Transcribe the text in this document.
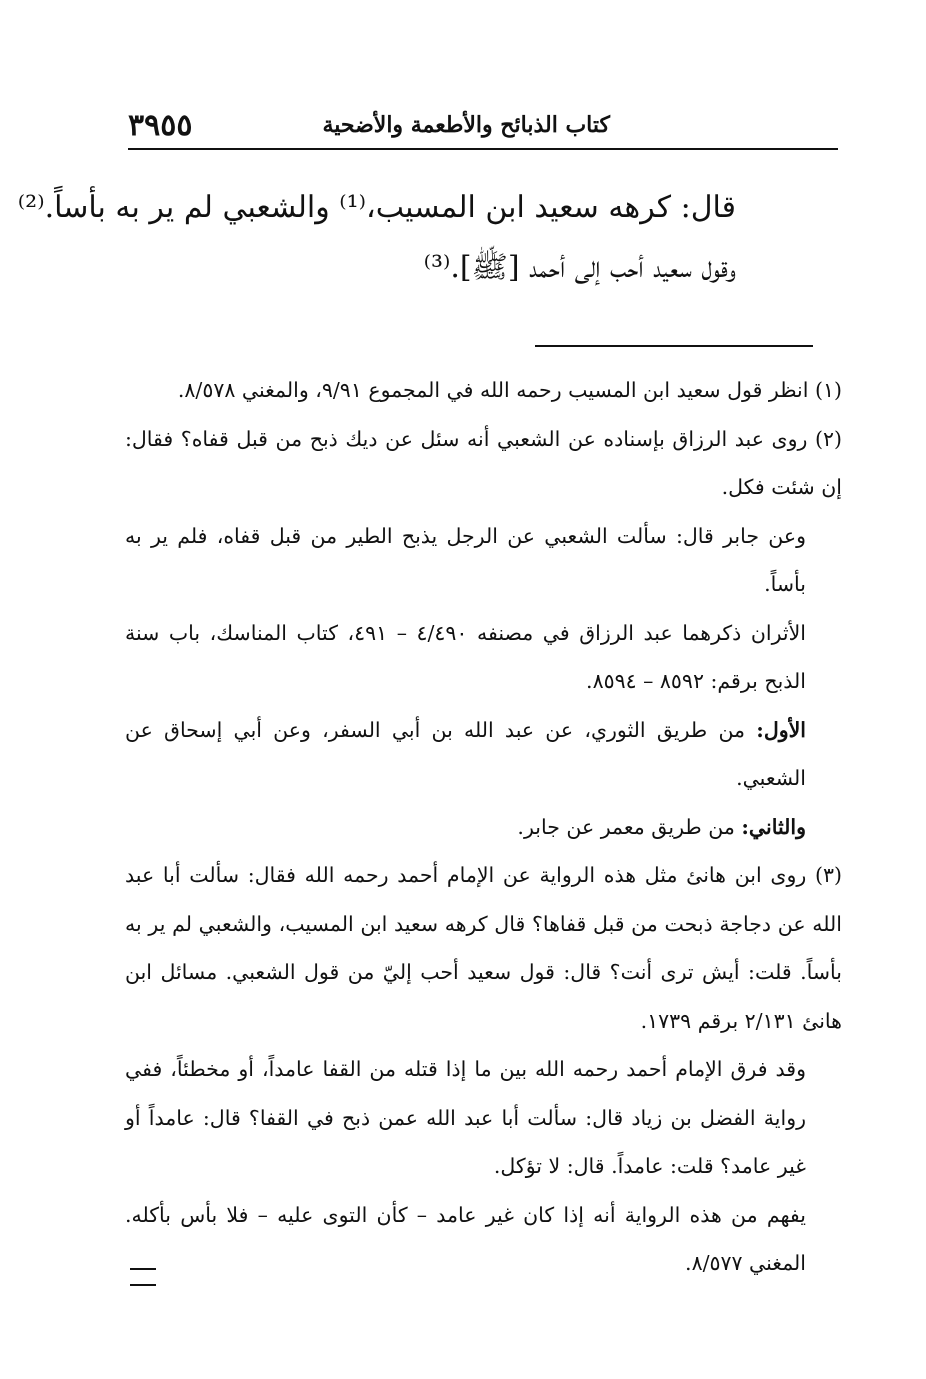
كتاب الذبائح والأطعمة والأضحية
٣٩٥٥

قال: كرهه سعيد ابن المسيب،⁽¹⁾ والشعبي لم ير به بأساً.⁽²⁾

وقول سعيد أحب إلى أحمد [ﷺ].⁽³⁾

(١) انظر قول سعيد ابن المسيب رحمه الله في المجموع ٩/٩١، والمغني ٨/٥٧٨.

(٢) روى عبد الرزاق بإسناده عن الشعبي أنه سئل عن ديك ذبح من قبل قفاه؟ فقال: إن شئت فكل.

وعن جابر قال: سألت الشعبي عن الرجل يذبح الطير من قبل قفاه، فلم ير به بأساً.

الأثران ذكرهما عبد الرزاق في مصنفه ٤/٤٩٠ – ٤٩١، كتاب المناسك، باب سنة الذبح برقم: ٨٥٩٢ – ٨٥٩٤.

الأول: من طريق الثوري، عن عبد الله بن أبي السفر، وعن أبي إسحاق عن الشعبي.

والثاني: من طريق معمر عن جابر.

(٣) روى ابن هانئ مثل هذه الرواية عن الإمام أحمد رحمه الله فقال: سألت أبا عبد الله عن دجاجة ذبحت من قبل قفاها؟ قال كرهه سعيد ابن المسيب، والشعبي لم ير به بأساً. قلت: أيش ترى أنت؟ قال: قول سعيد أحب إليّ من قول الشعبي. مسائل ابن هانئ ٢/١٣١ برقم ١٧٣٩.

وقد فرق الإمام أحمد رحمه الله بين ما إذا قتله من القفا عامداً، أو مخطئاً، ففي رواية الفضل بن زياد قال: سألت أبا عبد الله عمن ذبح في القفا؟ قال: عامداً أو غير عامد؟ قلت: عامداً. قال: لا تؤكل.

يفهم من هذه الرواية أنه إذا كان غير عامد – كأن التوى عليه – فلا بأس بأكله. المغني ٨/٥٧٧.
